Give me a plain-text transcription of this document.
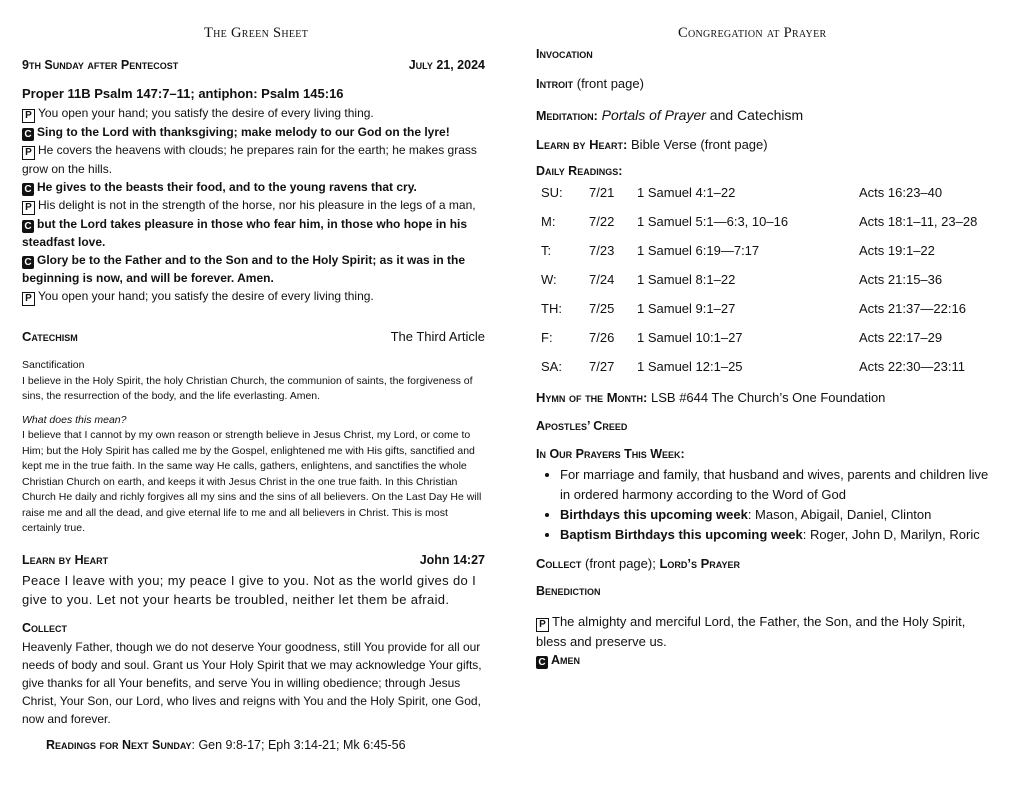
The Green Sheet
9th Sunday after Pentecost	July 21, 2024
Proper 11B Psalm 147:7–11; antiphon: Psalm 145:16
P You open your hand; you satisfy the desire of every living thing.
C Sing to the Lord with thanksgiving; make melody to our God on the lyre!
P He covers the heavens with clouds; he prepares rain for the earth; he makes grass grow on the hills.
C He gives to the beasts their food, and to the young ravens that cry.
P His delight is not in the strength of the horse, nor his pleasure in the legs of a man,
C but the Lord takes pleasure in those who fear him, in those who hope in his steadfast love.
C Glory be to the Father and to the Son and to the Holy Spirit; as it was in the beginning is now, and will be forever. Amen.
P You open your hand; you satisfy the desire of every living thing.
Catechism	The Third Article
Sanctification
I believe in the Holy Spirit, the holy Christian Church, the communion of saints, the forgiveness of sins, the resurrection of the body, and the life everlasting. Amen.
What does this mean?
I believe that I cannot by my own reason or strength believe in Jesus Christ, my Lord, or come to Him; but the Holy Spirit has called me by the Gospel, enlightened me with His gifts, sanctified and kept me in the true faith. In the same way He calls, gathers, enlightens, and sanctifies the whole Christian Church on earth, and keeps it with Jesus Christ in the one true faith. In this Christian Church He daily and richly forgives all my sins and the sins of all believers. On the Last Day He will raise me and all the dead, and give eternal life to me and all believers in Christ. This is most certainly true.
Learn by Heart	John 14:27
Peace I leave with you; my peace I give to you. Not as the world gives do I give to you. Let not your hearts be troubled, neither let them be afraid.
Collect
Heavenly Father, though we do not deserve Your goodness, still You provide for all our needs of body and soul. Grant us Your Holy Spirit that we may acknowledge Your gifts, give thanks for all Your benefits, and serve You in willing obedience; through Jesus Christ, Your Son, our Lord, who lives and reigns with You and the Holy Spirit, one God, now and forever.
Readings for Next Sunday: Gen 9:8-17; Eph 3:14-21; Mk 6:45-56
Congregation at Prayer
Invocation
Introit (front page)
Meditation: Portals of Prayer and Catechism
Learn by Heart: Bible Verse (front page)
Daily Readings:
SU:	7/21	1 Samuel 4:1–22	Acts 16:23–40
M:	7/22	1 Samuel 5:1—6:3, 10–16	Acts 18:1–11, 23–28
T:	7/23	1 Samuel 6:19—7:17	Acts 19:1–22
W:	7/24	1 Samuel 8:1–22	Acts 21:15–36
TH:	7/25	1 Samuel 9:1–27	Acts 21:37—22:16
F:	7/26	1 Samuel 10:1–27	Acts 22:17–29
SA:	7/27	1 Samuel 12:1–25	Acts 22:30—23:11
Hymn of the Month: LSB #644 The Church’s One Foundation
Apostles’ Creed
In Our Prayers This Week:
• For marriage and family, that husband and wives, parents and children live in ordered harmony according to the Word of God
• Birthdays this upcoming week: Mason, Abigail, Daniel, Clinton
• Baptism Birthdays this upcoming week: Roger, John D, Marilyn, Roric
Collect (front page); Lord’s Prayer
Benediction
P The almighty and merciful Lord, the Father, the Son, and the Holy Spirit, bless and preserve us.
C Amen
